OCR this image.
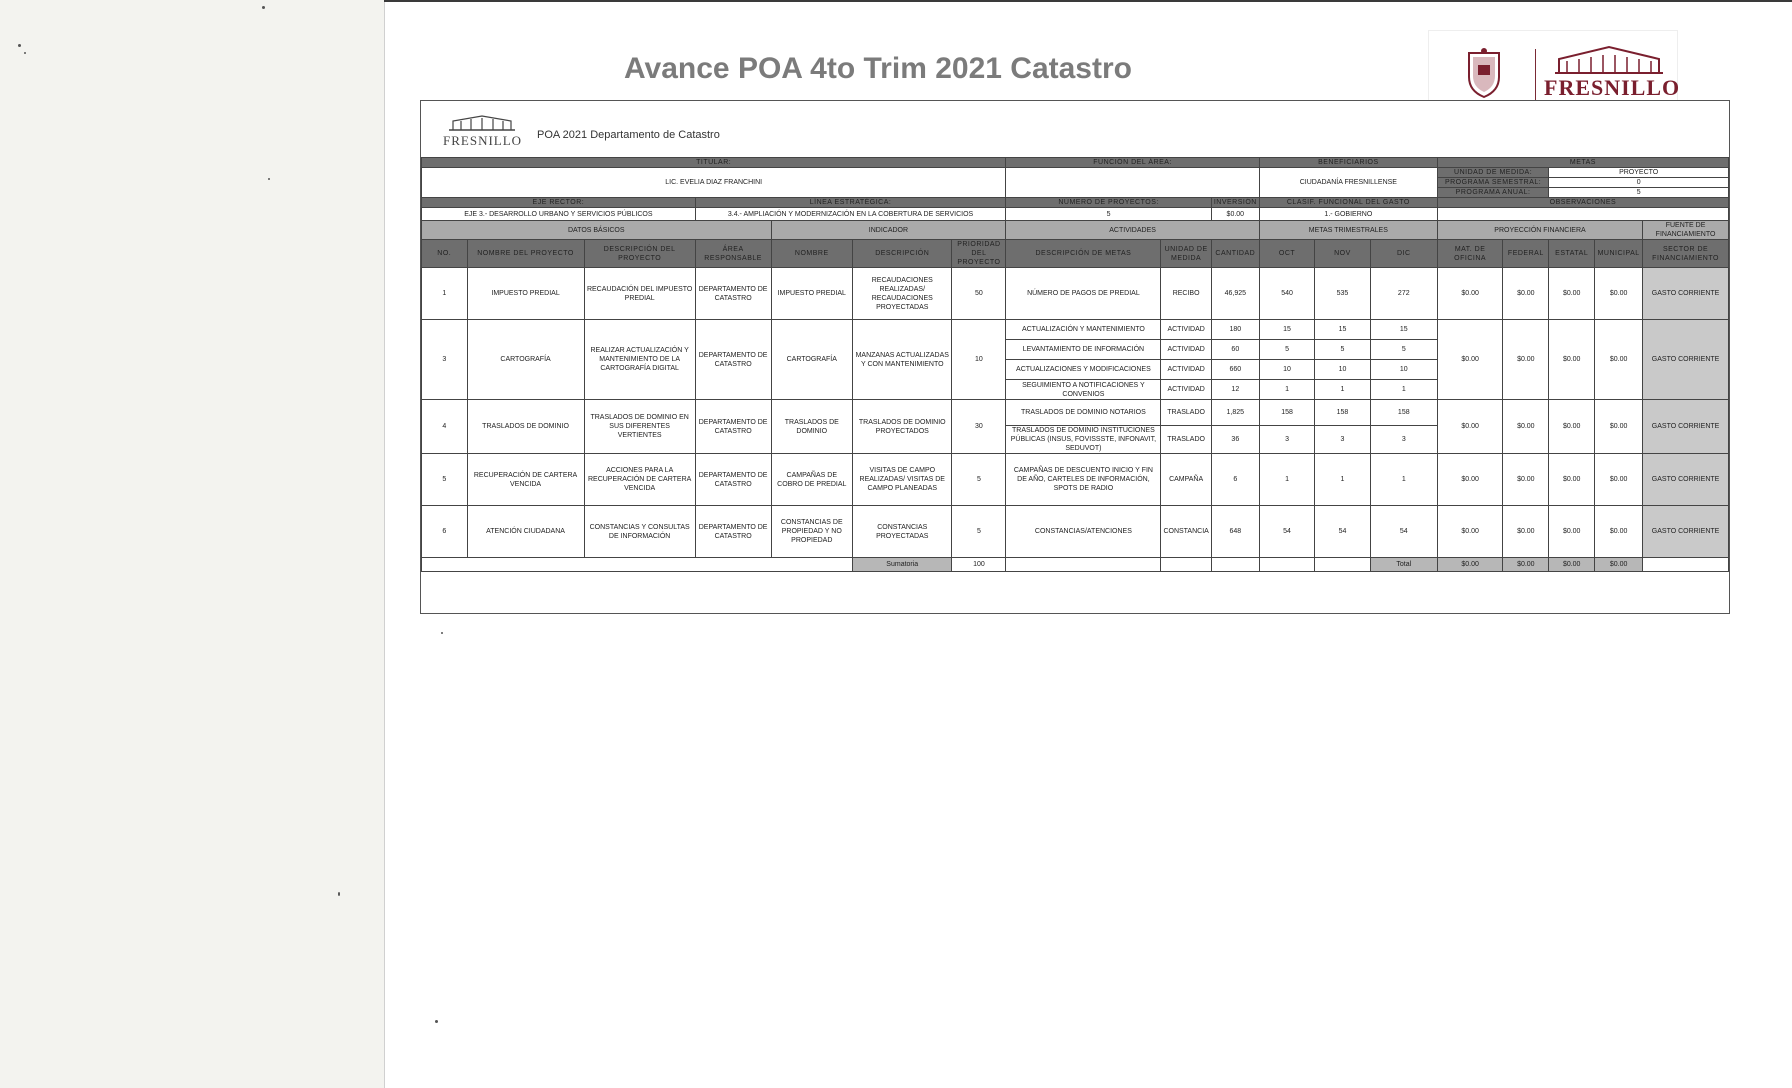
Avance POA 4to Trim 2021 Catastro
FRESNILLO
FRESNILLO POA 2021 Departamento de Catastro
TITULAR:							FUNCIÓN DEL ÁREA:			BENEFICIARIOS			METAS				
LIC. EVELIA DIAZ FRANCHINI										CIUDADANÍA FRESNILLENSE			UNIDAD DE MEDIDA:		PROYECTO		
													PROGRAMA SEMESTRAL:		0		
													PROGRAMA ANUAL:		5		
EJE RECTOR:			LÍNEA ESTRATÉGICA:				NÚMERO DE PROYECTOS:		INVERSIÓN	CLASIF. FUNCIONAL DEL GASTO			OBSERVACIONES				
EJE 3.- DESARROLLO URBANO Y SERVICIOS PÚBLICOS			3.4.- AMPLIACIÓN Y MODERNIZACIÓN EN LA COBERTURA DE SERVICIOS				5		$0.00	1.- GOBIERNO							
DATOS BÁSICOS				INDICADOR			ACTIVIDADES			METAS TRIMESTRALES			PROYECCIÓN FINANCIERA				FUENTE DE FINANCIAMIENTO
NO.	NOMBRE DEL PROYECTO	DESCRIPCIÓN DEL PROYECTO	ÁREA RESPONSABLE	NOMBRE	DESCRIPCIÓN	PRIORIDAD DEL PROYECTO	DESCRIPCIÓN DE METAS	UNIDAD DE MEDIDA	CANTIDAD	OCT	NOV	DIC	MAT. DE OFICINA	FEDERAL	ESTATAL	MUNICIPAL	SECTOR DE FINANCIAMIENTO
1	IMPUESTO PREDIAL	RECAUDACIÓN DEL IMPUESTO PREDIAL	DEPARTAMENTO DE CATASTRO	IMPUESTO PREDIAL	RECAUDACIONES REALIZADAS/ RECAUDACIONES PROYECTADAS	50	NÚMERO DE PAGOS DE PREDIAL	RECIBO	46,925	540	535	272	$0.00	$0.00	$0.00	$0.00	GASTO CORRIENTE
3	CARTOGRAFÍA	REALIZAR ACTUALIZACIÓN Y MANTENIMIENTO DE LA CARTOGRAFÍA DIGITAL	DEPARTAMENTO DE CATASTRO	CARTOGRAFÍA	MANZANAS ACTUALIZADAS Y CON MANTENIMIENTO	10	ACTUALIZACIÓN Y MANTENIMIENTO	ACTIVIDAD	180	15	15	15	$0.00	$0.00	$0.00	$0.00	GASTO CORRIENTE
							LEVANTAMIENTO DE INFORMACIÓN	ACTIVIDAD	60	5	5	5					
							ACTUALIZACIONES Y MODIFICACIONES	ACTIVIDAD	660	10	10	10					
							SEGUIMIENTO A NOTIFICACIONES Y CONVENIOS	ACTIVIDAD	12	1	1	1					
4	TRASLADOS DE DOMINIO	TRASLADOS DE DOMINIO EN SUS DIFERENTES VERTIENTES	DEPARTAMENTO DE CATASTRO	TRASLADOS DE DOMINIO	TRASLADOS DE DOMINIO PROYECTADOS	30	TRASLADOS DE DOMINIO NOTARIOS	TRASLADO	1,825	158	158	158	$0.00	$0.00	$0.00	$0.00	GASTO CORRIENTE
							TRASLADOS DE DOMINIO INSTITUCIONES PÚBLICAS (INSUS, FOVISSSTE, INFONAVIT, SEDUVOT)	TRASLADO	36	3	3	3					
5	RECUPERACIÓN DE CARTERA VENCIDA	ACCIONES PARA LA RECUPERACIÓN DE CARTERA VENCIDA	DEPARTAMENTO DE CATASTRO	CAMPAÑAS DE COBRO DE PREDIAL	VISITAS DE CAMPO REALIZADAS/ VISITAS DE CAMPO PLANEADAS	5	CAMPAÑAS DE DESCUENTO INICIO Y FIN DE AÑO, CARTELES DE INFORMACIÓN, SPOTS DE RADIO	CAMPAÑA	6	1	1	1	$0.00	$0.00	$0.00	$0.00	GASTO CORRIENTE
6	ATENCIÓN CIUDADANA	CONSTANCIAS Y CONSULTAS DE INFORMACIÓN	DEPARTAMENTO DE CATASTRO	CONSTANCIAS DE PROPIEDAD Y NO PROPIEDAD	CONSTANCIAS PROYECTADAS	5	CONSTANCIAS/ATENCIONES	CONSTANCIA	648	54	54	54	$0.00	$0.00	$0.00	$0.00	GASTO CORRIENTE
					Sumatoria	100						Total	$0.00	$0.00	$0.00	$0.00	
